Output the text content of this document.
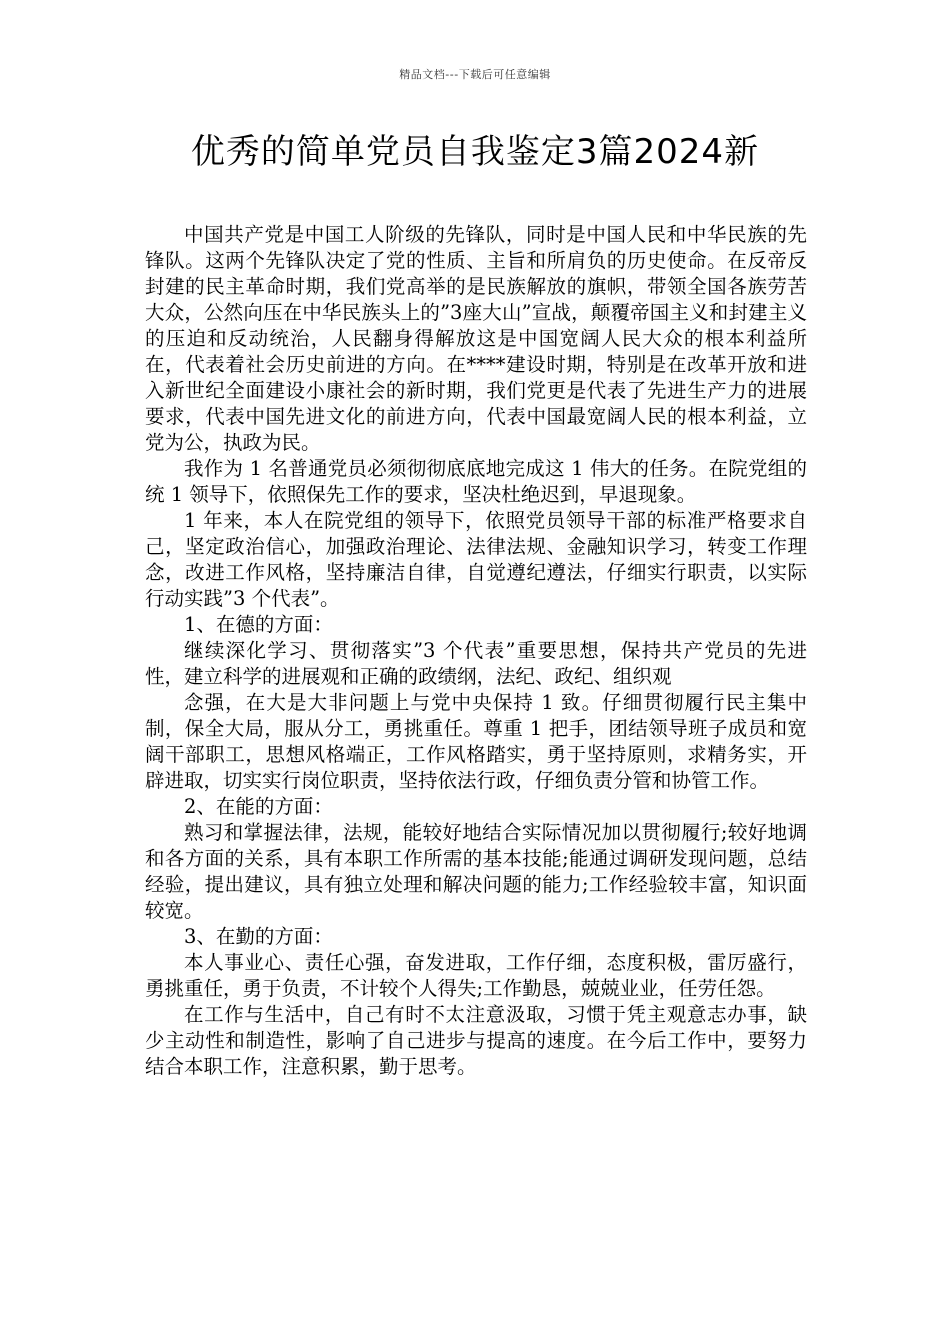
精品文档---下载后可任意编辑
优秀的简单党员自我鉴定3篇2024新

中国共产党是中国工人阶级的先锋队，同时是中国人民和中华民族的先锋队。这两个先锋队决定了党的性质、主旨和所肩负的历史使命。在反帝反封建的民主革命时期，我们党高举的是民族解放的旗帜，带领全国各族劳苦大众，公然向压在中华民族头上的”3座大山”宣战，颠覆帝国主义和封建主义的压迫和反动统治，人民翻身得解放这是中国宽阔人民大众的根本利益所在，代表着社会历史前进的方向。在****建设时期，特别是在改革开放和进入新世纪全面建设小康社会的新时期，我们党更是代表了先进生产力的进展要求，代表中国先进文化的前进方向，代表中国最宽阔人民的根本利益，立党为公，执政为民。

我作为 1 名普通党员必须彻彻底底地完成这 1 伟大的任务。在院党组的统 1 领导下，依照保先工作的要求，坚决杜绝迟到，早退现象。

1 年来，本人在院党组的领导下，依照党员领导干部的标准严格要求自己，坚定政治信心，加强政治理论、法律法规、金融知识学习，转变工作理念，改进工作风格，坚持廉洁自律，自觉遵纪遵法，仔细实行职责，以实际行动实践”3 个代表”。

1、在德的方面：

继续深化学习、贯彻落实”3 个代表”重要思想，保持共产党员的先进性，建立科学的进展观和正确的政绩纲，法纪、政纪、组织观

念强，在大是大非问题上与党中央保持 1 致。仔细贯彻履行民主集中制，保全大局，服从分工，勇挑重任。尊重 1 把手，团结领导班子成员和宽阔干部职工，思想风格端正，工作风格踏实，勇于坚持原则，求精务实，开辟进取，切实实行岗位职责，坚持依法行政，仔细负责分管和协管工作。

2、在能的方面：

熟习和掌握法律，法规，能较好地结合实际情况加以贯彻履行;较好地调和各方面的关系，具有本职工作所需的基本技能;能通过调研发现问题，总结经验，提出建议，具有独立处理和解决问题的能力;工作经验较丰富，知识面较宽。

3、在勤的方面：

本人事业心、责任心强，奋发进取，工作仔细，态度积极，雷厉盛行，勇挑重任，勇于负责，不计较个人得失;工作勤恳，兢兢业业，任劳任怨。

在工作与生活中，自己有时不太注意汲取，习惯于凭主观意志办事，缺少主动性和制造性，影响了自己进步与提高的速度。在今后工作中，要努力结合本职工作，注意积累，勤于思考。
